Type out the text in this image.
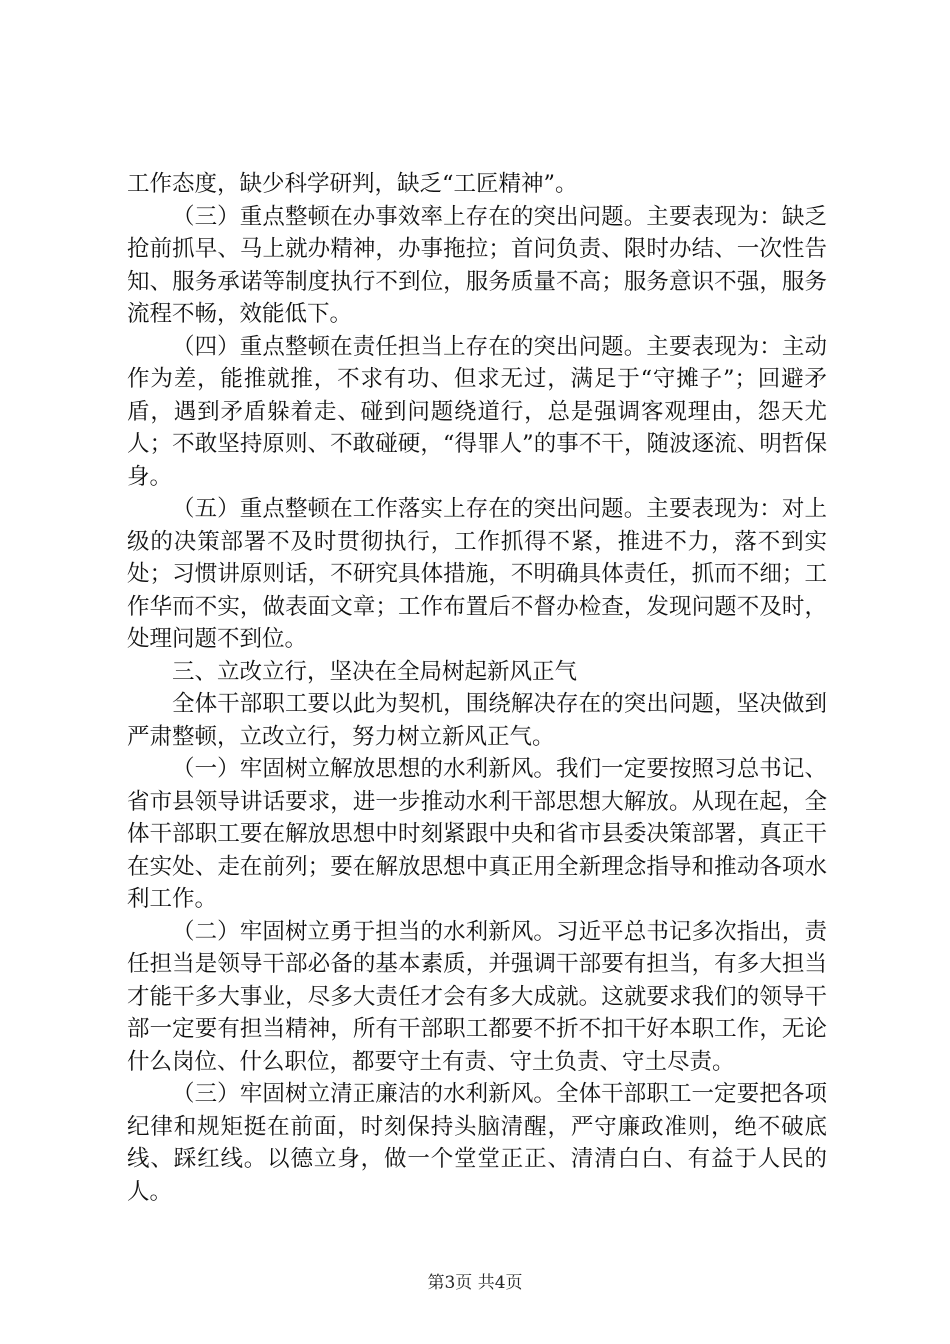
工作态度，缺少科学研判，缺乏“工匠精神”。

（三）重点整顿在办事效率上存在的突出问题。主要表现为：缺乏抢前抓早、马上就办精神，办事拖拉；首问负责、限时办结、一次性告知、服务承诺等制度执行不到位，服务质量不高；服务意识不强，服务流程不畅，效能低下。

（四）重点整顿在责任担当上存在的突出问题。主要表现为：主动作为差，能推就推，不求有功、但求无过，满足于“守摊子”；回避矛盾，遇到矛盾躲着走、碰到问题绕道行，总是强调客观理由，怨天尤人；不敢坚持原则、不敢碰硬，“得罪人”的事不干，随波逐流、明哲保身。

（五）重点整顿在工作落实上存在的突出问题。主要表现为：对上级的决策部署不及时贯彻执行，工作抓得不紧，推进不力，落不到实处；习惯讲原则话，不研究具体措施，不明确具体责任，抓而不细；工作华而不实，做表面文章；工作布置后不督办检查，发现问题不及时，处理问题不到位。

三、立改立行，坚决在全局树起新风正气

全体干部职工要以此为契机，围绕解决存在的突出问题，坚决做到严肃整顿，立改立行，努力树立新风正气。

（一）牢固树立解放思想的水利新风。我们一定要按照习总书记、省市县领导讲话要求，进一步推动水利干部思想大解放。从现在起，全体干部职工要在解放思想中时刻紧跟中央和省市县委决策部署，真正干在实处、走在前列；要在解放思想中真正用全新理念指导和推动各项水利工作。

（二）牢固树立勇于担当的水利新风。习近平总书记多次指出，责任担当是领导干部必备的基本素质，并强调干部要有担当，有多大担当才能干多大事业，尽多大责任才会有多大成就。这就要求我们的领导干部一定要有担当精神，所有干部职工都要不折不扣干好本职工作，无论什么岗位、什么职位，都要守土有责、守土负责、守土尽责。

（三）牢固树立清正廉洁的水利新风。全体干部职工一定要把各项纪律和规矩挺在前面，时刻保持头脑清醒，严守廉政准则，绝不破底线、踩红线。以德立身，做一个堂堂正正、清清白白、有益于人民的人。

第3页 共4页
